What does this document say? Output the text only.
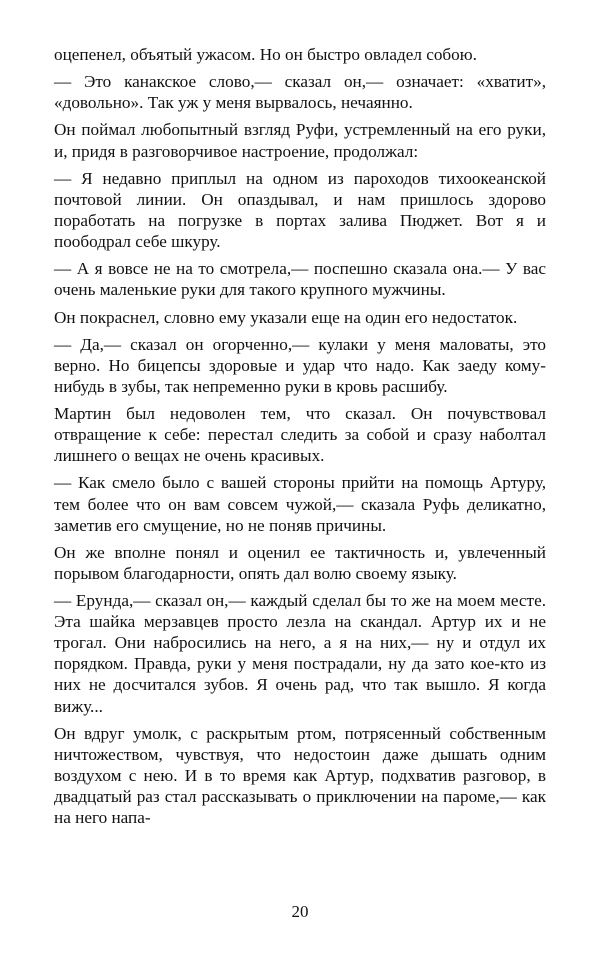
оцепенел, объятый ужасом. Но он быстро овладел собою.

— Это канакское слово,— сказал он,— означает: «хватит», «довольно». Так уж у меня вырвалось, нечаянно.

Он поймал любопытный взгляд Руфи, устремленный на его руки, и, придя в разговорчивое настроение, продолжал:

— Я недавно приплыл на одном из пароходов тихоокеанской почтовой линии. Он опаздывал, и нам пришлось здорово поработать на погрузке в портах залива Пюджет. Вот я и поободрал себе шкуру.

— А я вовсе не на то смотрела,— поспешно сказала она.— У вас очень маленькие руки для такого крупного мужчины.

Он покраснел, словно ему указали еще на один его недостаток.

— Да,— сказал он огорченно,— кулаки у меня маловаты, это верно. Но бицепсы здоровые и удар что надо. Как заеду кому-нибудь в зубы, так непременно руки в кровь расшибу.

Мартин был недоволен тем, что сказал. Он почувствовал отвращение к себе: перестал следить за собой и сразу наболтал лишнего о вещах не очень красивых.

— Как смело было с вашей стороны прийти на помощь Артуру, тем более что он вам совсем чужой,— сказала Руфь деликатно, заметив его смущение, но не поняв причины.

Он же вполне понял и оценил ее тактичность и, увлеченный порывом благодарности, опять дал волю своему языку.

— Ерунда,— сказал он,— каждый сделал бы то же на моем месте. Эта шайка мерзавцев просто лезла на скандал. Артур их и не трогал. Они набросились на него, а я на них,— ну и отдул их порядком. Правда, руки у меня пострадали, ну да зато кое-кто из них не досчитался зубов. Я очень рад, что так вышло. Я когда вижу...

Он вдруг умолк, с раскрытым ртом, потрясенный собственным ничтожеством, чувствуя, что недостоин даже дышать одним воздухом с нею. И в то время как Артур, подхватив разговор, в двадцатый раз стал рассказывать о приключении на пароме,— как на него напа-

20
